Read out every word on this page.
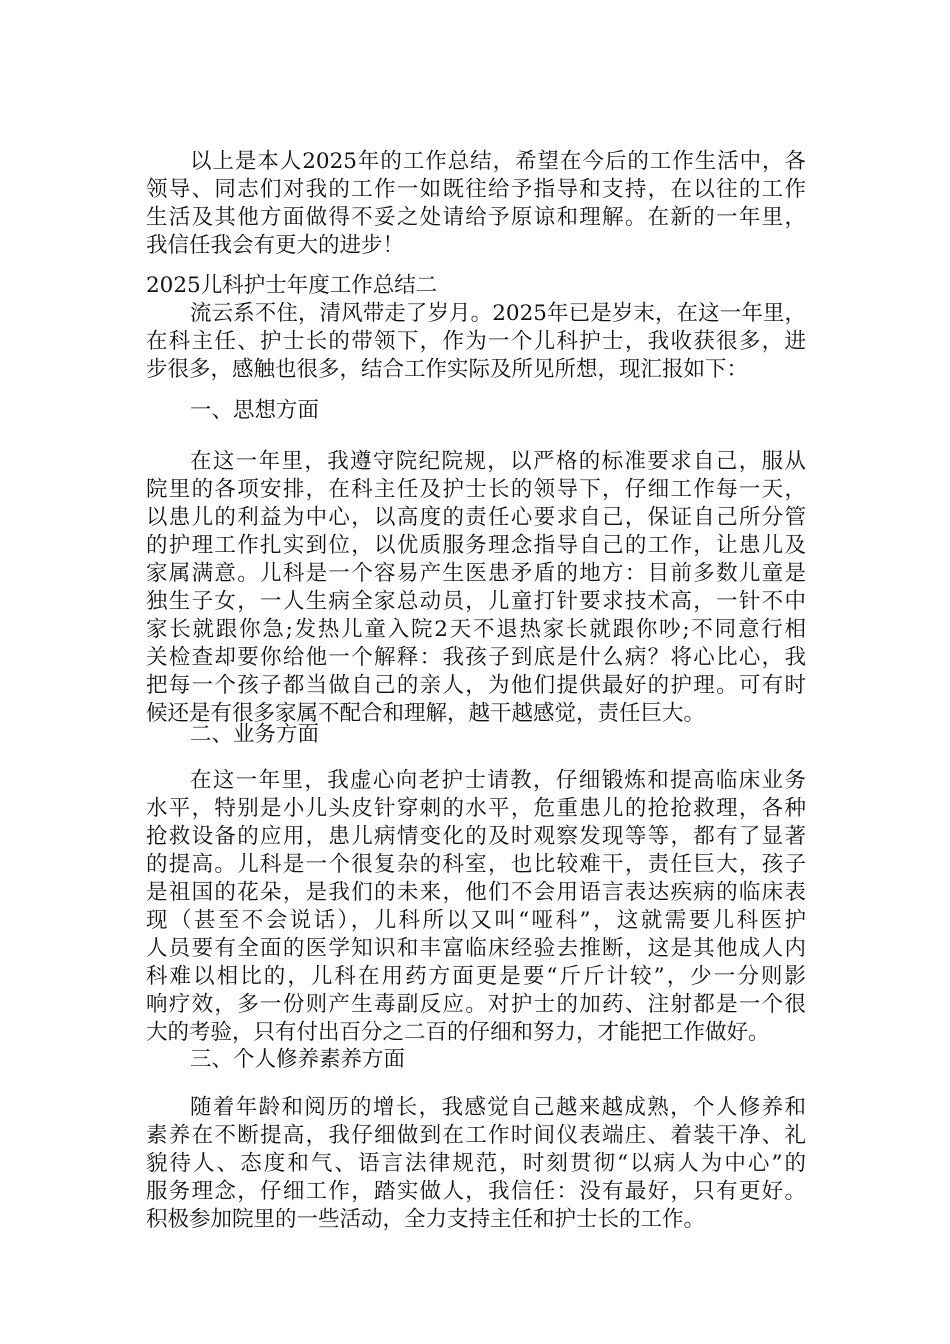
以上是本人2025年的工作总结，希望在今后的工作生活中，各
领导、同志们对我的工作一如既往给予指导和支持，在以往的工作
生活及其他方面做得不妥之处请给予原谅和理解。在新的一年里，
我信任我会有更大的进步！
2025儿科护士年度工作总结二
流云系不住，清风带走了岁月。2025年已是岁末，在这一年里，
在科主任、护士长的带领下，作为一个儿科护士，我收获很多，进
步很多，感触也很多，结合工作实际及所见所想，现汇报如下：
一、思想方面
在这一年里，我遵守院纪院规，以严格的标准要求自己，服从
院里的各项安排，在科主任及护士长的领导下，仔细工作每一天，
以患儿的利益为中心，以高度的责任心要求自己，保证自己所分管
的护理工作扎实到位，以优质服务理念指导自己的工作，让患儿及
家属满意。儿科是一个容易产生医患矛盾的地方：目前多数儿童是
独生子女，一人生病全家总动员，儿童打针要求技术高，一针不中
家长就跟你急;发热儿童入院2天不退热家长就跟你吵;不同意行相
关检查却要你给他一个解释：我孩子到底是什么病？将心比心，我
把每一个孩子都当做自己的亲人，为他们提供最好的护理。可有时
候还是有很多家属不配合和理解，越干越感觉，责任巨大。
二、业务方面
在这一年里，我虚心向老护士请教，仔细锻炼和提高临床业务
水平，特别是小儿头皮针穿刺的水平，危重患儿的抢抢救理，各种
抢救设备的应用，患儿病情变化的及时观察发现等等，都有了显著
的提高。儿科是一个很复杂的科室，也比较难干，责任巨大，孩子
是祖国的花朵，是我们的未来，他们不会用语言表达疾病的临床表
现（甚至不会说话），儿科所以又叫“哑科”，这就需要儿科医护
人员要有全面的医学知识和丰富临床经验去推断，这是其他成人内
科难以相比的，儿科在用药方面更是要“斤斤计较”，少一分则影
响疗效，多一份则产生毒副反应。对护士的加药、注射都是一个很
大的考验，只有付出百分之二百的仔细和努力，才能把工作做好。
三、个人修养素养方面
随着年龄和阅历的增长，我感觉自己越来越成熟，个人修养和
素养在不断提高，我仔细做到在工作时间仪表端庄、着装干净、礼
貌待人、态度和气、语言法律规范，时刻贯彻“以病人为中心”的
服务理念，仔细工作，踏实做人，我信任：没有最好，只有更好。
积极参加院里的一些活动，全力支持主任和护士长的工作。
